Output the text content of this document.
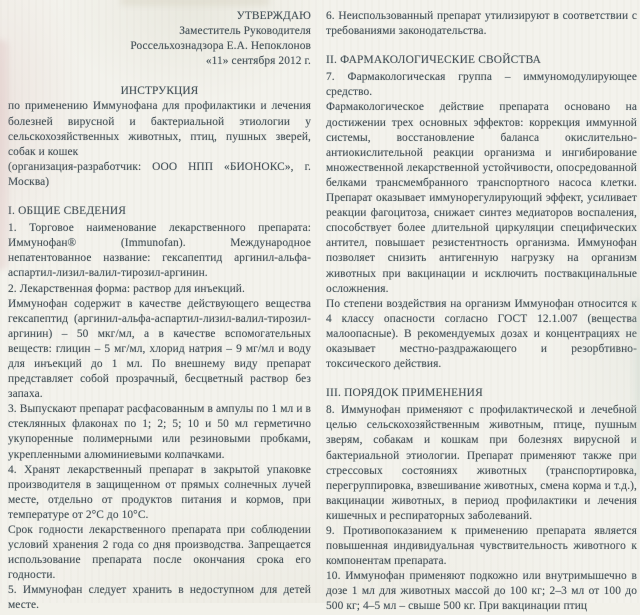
УТВЕРЖДАЮ

Заместитель Руководителя

Россельхознадзора Е.А. Непоклонов

«11» сентября 2012 г.

ИНСТРУКЦИЯ

по применению Иммунофана для профилактики и лечения болезней вирусной и бактериальной этиологии у сельскохозяйственных животных, птиц, пушных зверей, собак и кошек

(организация-разработчик: ООО НПП «БИОНОКС», г. Москва)

I. ОБЩИЕ СВЕДЕНИЯ

1. Торговое наименование лекарственного препарата: Иммунофан® (Immunofan). Международное непатентованное название: гексапептид аргинил-альфа-аспартил-лизил-валил-тирозил-аргинин.

2. Лекарственная форма: раствор для инъекций.

Иммунофан содержит в качестве действующего вещества гексапептид (аргинил-альфа-аспартил-лизил-валил-тирозил-аргинин) – 50 мкг/мл, а в качестве вспомогательных веществ: глицин – 5 мг/мл, хлорид натрия – 9 мг/мл и воду для инъекций до 1 мл. По внешнему виду препарат представляет собой прозрачный, бесцветный раствор без запаха.

3. Выпускают препарат расфасованным в ампулы по 1 мл и в стеклянных флаконах по 1; 2; 5; 10 и 50 мл герметично укупоренные полимерными или резиновыми пробками, укрепленными алюминиевыми колпачками.

4. Хранят лекарственный препарат в закрытой упаковке производителя в защищенном от прямых солнечных лучей месте, отдельно от продуктов питания и кормов, при температуре от 2°С до 10°С.

Срок годности лекарственного препарата при соблюдении условий хранения 2 года со дня производства. Запрещается использование препарата после окончания срока его годности.

5. Иммунофан следует хранить в недоступном для детей месте.

6. Неиспользованный препарат утилизируют в соответствии с требованиями законодательства.

II. ФАРМАКОЛОГИЧЕСКИЕ СВОЙСТВА

7. Фармакологическая группа – иммуномодулирующее средство.

Фармакологическое действие препарата основано на достижении трех основных эффектов: коррекция иммунной системы, восстановление баланса окислительно-антиокислительной реакции организма и ингибирование множественной лекарственной устойчивости, опосредованной белками трансмембранного транспортного насоса клетки. Препарат оказывает иммунорегулирующий эффект, усиливает реакции фагоцитоза, снижает синтез медиаторов воспаления, способствует более длительной циркуляции специфических антител, повышает резистентность организма. Иммунофан позволяет снизить антигенную нагрузку на организм животных при вакцинации и исключить поствакцинальные осложнения.

По степени воздействия на организм Иммунофан относится к 4 классу опасности согласно ГОСТ 12.1.007 (вещества малоопасные). В рекомендуемых дозах и концентрациях не оказывает местно-раздражающего и резорбтивно-токсического действия.

III. ПОРЯДОК ПРИМЕНЕНИЯ

8. Иммунофан применяют с профилактической и лечебной целью сельскохозяйственным животным, птице, пушным зверям, собакам и кошкам при болезнях вирусной и бактериальной этиологии. Препарат применяют также при стрессовых состояниях животных (транспортировка, перегруппировка, взвешивание животных, смена корма и т.д.), вакцинации животных, в период профилактики и лечения кишечных и респираторных заболеваний.

9. Противопоказанием к применению препарата является повышенная индивидуальная чувствительность животного к компонентам препарата.

10. Иммунофан применяют подкожно или внутримышечно в дозе 1 мл для животных массой до 100 кг; 2–3 мл от 100 до 500 кг; 4–5 мл – свыше 500 кг. При вакцинации птиц
